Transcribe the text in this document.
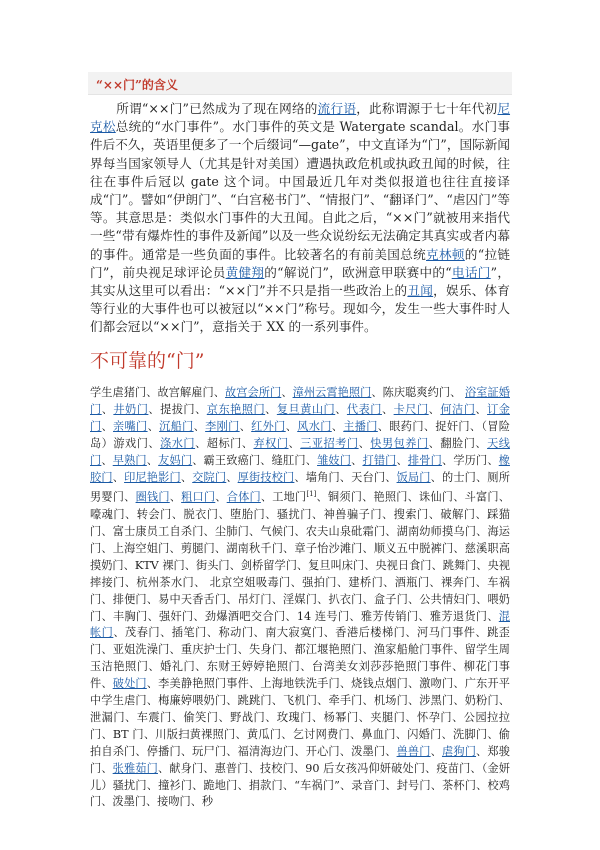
“××门”的含义
所谓“××门”已然成为了现在网络的流行语，此称谓源于七十年代初尼克松总统的“水门事件”。水门事件的英文是 Watergate scandal。水门事件后不久，英语里便多了一个后缀词“—gate”，中文直译为“门”，国际新闻界每当国家领导人（尤其是针对美国）遭遇执政危机或执政丑闻的时候，往往在事件后冠以 gate 这个词。中国最近几年对类似报道也往往直接译成“门”。譬如“伊朗门”、“白宫秘书门”、“情报门”、“翻译门”、“虐囚门”等等。其意思是：类似水门事件的大丑闻。自此之后，“××门”就被用来指代一些“带有爆炸性的事件及新闻”以及一些众说纷纭无法确定其真实或者内幕的事件。通常是一些负面的事件。比较著名的有前美国总统克林顿的“拉链门”，前央视足球评论员黄健翔的“解说门”，欧洲意甲联赛中的“电话门”，其实从这里可以看出：“××门”并不只是指一些政治上的丑闻，娱乐、体育等行业的大事件也可以被冠以“××门”称号。现如今，发生一些大事件时人们都会冠以“××门”，意指关于 XX 的一系列事件。
不可靠的“门”
学生虐猪门、故宫解雇门、故宫会所门、漳州云霄艳照门、陈庆聪爽约门、 浴室証婚门、井奶门、提拔门、京东艳照门、复旦黄山门、代表门、卡尺门、何洁门、订金门、亲嘴门、沉船门、李刚门、红外门、风水门、主播门、眼药门、捉奸门、（冒险岛）游戏门、涤水门、超标门、弃权门、三亚招考门、快男包养门、翻脸门、天线门、早熟门、友妈门、霸王致癌门、缝肛门、雏妓门、打错门、排骨门、学历门、橡胶门、印尼艳影门、交院门、厚街技校门、墙角门、天台门、饭局门、的士门、厕所男婴门、圈钱门、粗口门、合体门、工地门[1]、铜须门、艳照门、诛仙门、斗富门、嚎魂门、转会门、脱衣门、堕胎门、骚扰门、神兽骗子门、搜索门、破解门、踩猫门、富士康员工自杀门、尘肺门、气候门、农夫山泉砒霜门、湖南幼师摸乌门、海运门、上海空姐门、剪腿门、湖南秋千门、章子怡沙滩门、顺义五中脱裤门、慈溪职高摸奶门、KTV 裸门、街头门、剑桥留学门、复旦叫床门、央视日食门、跳舞门、央视摔接门、杭州茶水门、 北京空姐吸毒门、强拍门、建桥门、酒瓶门、裸奔门、车祸门、排便门、易中天香舌门、吊灯门、淫媒门、扒衣门、盒子门、公共情妇门、喂奶门、丰胸门、强奸门、劲爆酒吧交合门、14 连号门、雅芳传销门、雅芳退货门、混帐门、茂春门、插笔门、称动门、南大寂寞门、香港后楼梯门、河马门事件、跳歪门、亚姐洗澡门、重庆护士门、失身门、都江堰艳照门、渔家船舱门事件、留学生周玉洁艳照门、婚礼门、东财王婷婷艳照门、台湾美女刘莎莎艳照门事件、柳花门事件、破处门、李美静艳照门事件、上海地铁洗手门、烧钱点烟门、激吻门、广东开平中学生虐门、梅廉婷喂奶门、跳跳门、飞机门、牵手门、机场门、涉黑门、奶粉门、泄漏门、车震门、偷笑门、野战门、玫瑰门、杨幂门、夹腿门、怀孕门、公园拉拉门、BT 门、川版扫黄裸照门、黄瓜门、乞讨网费门、鼻血门、闪婚门、洗脚门、偷拍自杀门、停播门、玩尸门、福清海边门、开心门、泼墨门、兽兽门、虐狗门、郑骏门、张雅茹门、献身门、惠普门、技校门、90 后女孩冯仰妍破处门、疫苗门、（金妍儿）骚扰门、撞衫门、跪地门、捐款门、“车祸门”、录音门、封号门、茶杯门、校鸡门、泼墨门、接吻门、秒
